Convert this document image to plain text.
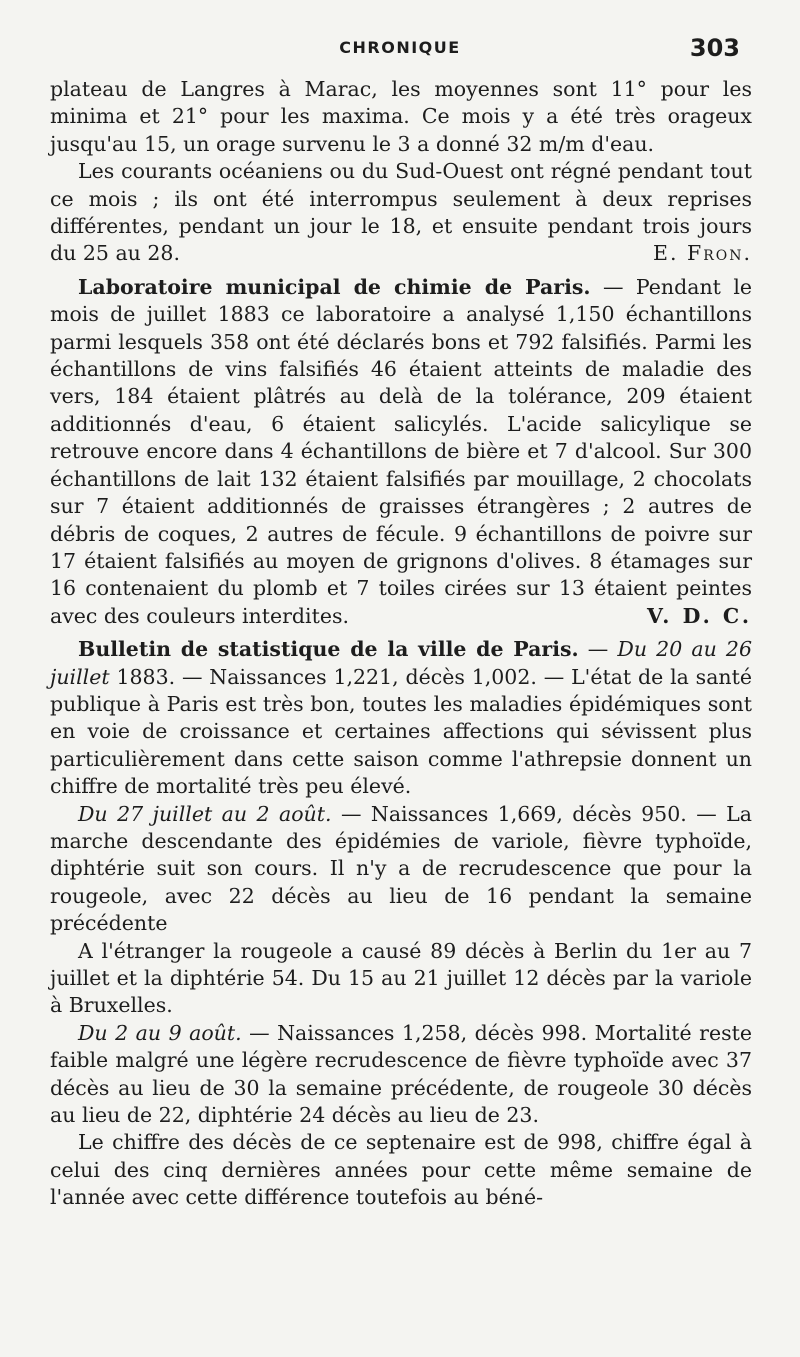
CHRONIQUE	303

plateau de Langres à Marac, les moyennes sont 11° pour les minima et 21° pour les maxima. Ce mois y a été très orageux jusqu'au 15, un orage survenu le 3 a donné 32 m/m d'eau.

Les courants océaniens ou du Sud-Ouest ont régné pendant tout ce mois ; ils ont été interrompus seulement à deux reprises différentes, pendant un jour le 18, et ensuite pendant trois jours du 25 au 28.	E. Fron.

Laboratoire municipal de chimie de Paris. — Pendant le mois de juillet 1883 ce laboratoire a analysé 1,150 échantillons parmi lesquels 358 ont été déclarés bons et 792 falsifiés. Parmi les échantillons de vins falsifiés 46 étaient atteints de maladie des vers, 184 étaient plâtrés au delà de la tolérance, 209 étaient additionnés d'eau, 6 étaient salicylés. L'acide salicylique se retrouve encore dans 4 échantillons de bière et 7 d'alcool. Sur 300 échantillons de lait 132 étaient falsifiés par mouillage, 2 chocolats sur 7 étaient additionnés de graisses étrangères ; 2 autres de débris de coques, 2 autres de fécule. 9 échantillons de poivre sur 17 étaient falsifiés au moyen de grignons d'olives. 8 étamages sur 16 contenaient du plomb et 7 toiles cirées sur 13 étaient peintes avec des couleurs interdites.	V. D. C.

Bulletin de statistique de la ville de Paris. — Du 20 au 26 juillet 1883. — Naissances 1,221, décès 1,002. — L'état de la santé publique à Paris est très bon, toutes les maladies épidémiques sont en voie de croissance et certaines affections qui sévissent plus particulièrement dans cette saison comme l'athrepsie donnent un chiffre de mortalité très peu élevé.

Du 27 juillet au 2 août. — Naissances 1,669, décès 950. — La marche descendante des épidémies de variole, fièvre typhoïde, diphtérie suit son cours. Il n'y a de recrudescence que pour la rougeole, avec 22 décès au lieu de 16 pendant la semaine précédente

A l'étranger la rougeole a causé 89 décès à Berlin du 1er au 7 juillet et la diphtérie 54. Du 15 au 21 juillet 12 décès par la variole à Bruxelles.

Du 2 au 9 août. — Naissances 1,258, décès 998. Mortalité reste faible malgré une légère recrudescence de fièvre typhoïde avec 37 décès au lieu de 30 la semaine précédente, de rougeole 30 décès au lieu de 22, diphtérie 24 décès au lieu de 23.

Le chiffre des décès de ce septenaire est de 998, chiffre égal à celui des cinq dernières années pour cette même semaine de l'année avec cette différence toutefois au béné-
